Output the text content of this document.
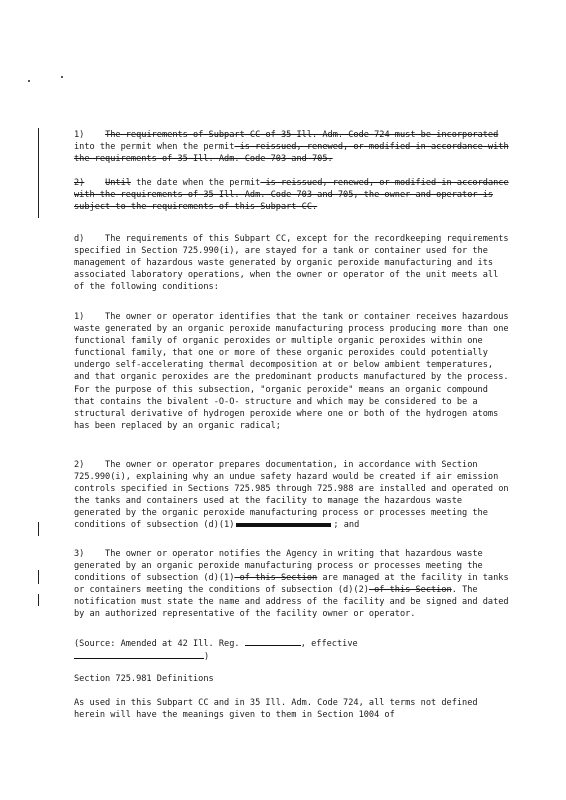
1) The requirements of Subpart CC of 35 Ill. Adm. Code 724 must be incorporated into the permit when the permit is reissued, renewed, or modified in accordance with the requirements of 35 Ill. Adm. Code 703 and 705.

2) Until the date when the permit is reissued, renewed, or modified in accordance with the requirements of 35 Ill. Adm. Code 703 and 705, the owner and operator is subject to the requirements of this Subpart CC.

d)    The requirements of this Subpart CC, except for the recordkeeping requirements specified in Section 725.990(i), are stayed for a tank or container used for the management of hazardous waste generated by organic peroxide manufacturing and its associated laboratory operations, when the owner or operator of the unit meets all of the following conditions:

1)    The owner or operator identifies that the tank or container receives hazardous waste generated by an organic peroxide manufacturing process producing more than one functional family of organic peroxides or multiple organic peroxides within one functional family, that one or more of these organic peroxides could potentially undergo self-accelerating thermal decomposition at or below ambient temperatures, and that organic peroxides are the predominant products manufactured by the process. For the purpose of this subsection, "organic peroxide" means an organic compound that contains the bivalent -O-O- structure and which may be considered to be a structural derivative of hydrogen peroxide where one or both of the hydrogen atoms has been replaced by an organic radical;

2)    The owner or operator prepares documentation, in accordance with Section 725.990(i), explaining why an undue safety hazard would be created if air emission controls specified in Sections 725.985 through 725.988 are installed and operated on the tanks and containers used at the facility to manage the hazardous waste generated by the organic peroxide manufacturing process or processes meeting the conditions of subsection (d)(1)	; and

3)    The owner or operator notifies the Agency in writing that hazardous waste generated by an organic peroxide manufacturing process or processes meeting the conditions of subsection (d)(1) of this Section are managed at the facility in tanks or containers meeting the conditions of subsection (d)(2) of this Section. The notification must state the name and address of the facility and be signed and dated by an authorized representative of the facility owner or operator.

(Source: Amended at 42 Ill. Reg.	, effective
)

Section 725.981 Definitions

As used in this Subpart CC and in 35 Ill. Adm. Code 724, all terms not defined herein will have the meanings given to them in Section 1004 of
